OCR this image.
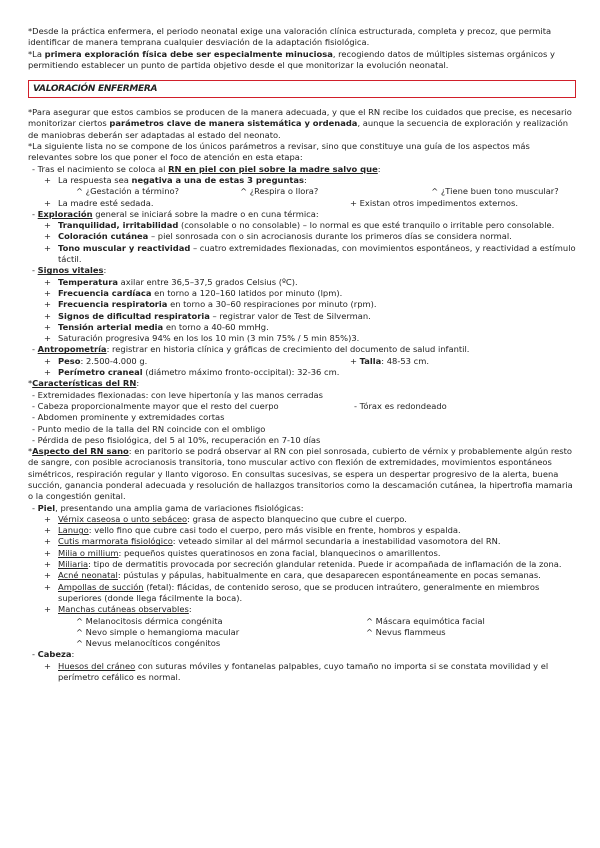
*Desde la práctica enfermera, el periodo neonatal exige una valoración clínica estructurada, completa y precoz, que permita identificar de manera temprana cualquier desviación de la adaptación fisiológica.

*La primera exploración física debe ser especialmente minuciosa, recogiendo datos de múltiples sistemas orgánicos y permitiendo establecer un punto de partida objetivo desde el que monitorizar la evolución neonatal.

VALORACIÓN ENFERMERA

*Para asegurar que estos cambios se producen de la manera adecuada, y que el RN recibe los cuidados que precise, es necesario monitorizar ciertos parámetros clave de manera sistemática y ordenada, aunque la secuencia de exploración y realización de maniobras deberán ser adaptadas al estado del neonato.

*La siguiente lista no se compone de los únicos parámetros a revisar, sino que constituye una guía de los aspectos más relevantes sobre los que poner el foco de atención en esta etapa:

- Tras el nacimiento se coloca al RN en piel con piel sobre la madre salvo que:

+ La respuesta sea negativa a una de estas 3 preguntas:

^ ¿Gestación a término?	^ ¿Respira o llora?	^ ¿Tiene buen tono muscular?
+ La madre esté sedada.	+ Existan otros impedimentos externos.

- Exploración general se iniciará sobre la madre o en cuna térmica:

+ Tranquilidad, irritabilidad (consolable o no consolable) – lo normal es que esté tranquilo o irritable pero consolable.

+ Coloración cutánea – piel sonrosada con o sin acrocianosis durante los primeros días se considera normal.

+ Tono muscular y reactividad – cuatro extremidades flexionadas, con movimientos espontáneos, y reactividad a estímulo táctil.

- Signos vitales:

+ Temperatura axilar entre 36,5–37,5 grados Celsius (ºC).

+ Frecuencia cardíaca en torno a 120–160 latidos por minuto (lpm).

+ Frecuencia respiratoria en torno a 30–60 respiraciones por minuto (rpm).

+ Signos de dificultad respiratoria – registrar valor de Test de Silverman.

+ Tensión arterial media en torno a 40-60 mmHg.

+ Saturación progresiva 94% en los los 10 min (3 min 75% / 5 min 85%)3.

- Antropometría: registrar en historia clínica y gráficas de crecimiento del documento de salud infantil.

+ Peso: 2.500-4.000 g.	+ Talla: 48-53 cm.

+ Perímetro craneal (diámetro máximo fronto-occipital): 32-36 cm.

*Características del RN:

- Extremidades flexionadas: con leve hipertonía y las manos cerradas

- Cabeza proporcionalmente mayor que el resto del cuerpo	- Tórax es redondeado

- Abdomen prominente y extremidades cortas

- Punto medio de la talla del RN coincide con el ombligo

- Pérdida de peso fisiológica, del 5 al 10%, recuperación en 7-10 días

*Aspecto del RN sano: en paritorio se podrá observar al RN con piel sonrosada, cubierto de vérnix y probablemente algún resto de sangre, con posible acrocianosis transitoria, tono muscular activo con flexión de extremidades, movimientos espontáneos simétricos, respiración regular y llanto vigoroso. En consultas sucesivas, se espera un despertar progresivo de la alerta, buena succión, ganancia ponderal adecuada y resolución de hallazgos transitorios como la descamación cutánea, la hipertrofia mamaria o la congestión genital.

- Piel, presentando una amplia gama de variaciones fisiológicas:

+ Vérnix caseosa o unto sebáceo: grasa de aspecto blanquecino que cubre el cuerpo.

+ Lanugo: vello fino que cubre casi todo el cuerpo, pero más visible en frente, hombros y espalda.

+ Cutis marmorata fisiológico: veteado similar al del mármol secundaria a inestabilidad vasomotora del RN.

+ Milia o millium: pequeños quistes queratinosos en zona facial, blanquecinos o amarillentos.

+ Miliaria: tipo de dermatitis provocada por secreción glandular retenida. Puede ir acompañada de inflamación de la zona.

+ Acné neonatal: pústulas y pápulas, habitualmente en cara, que desaparecen espontáneamente en pocas semanas.

+ Ampollas de succión (fetal): flácidas, de contenido seroso, que se producen intraútero, generalmente en miembros superiores (donde llega fácilmente la boca).

+ Manchas cutáneas observables:

^ Melanocitosis dérmica congénita	^ Máscara equimótica facial
^ Nevo simple o hemangioma macular	^ Nevus flammeus

^ Nevus melanocíticos congénitos

- Cabeza:

+ Huesos del cráneo con suturas móviles y fontanelas palpables, cuyo tamaño no importa si se constata movilidad y el perímetro cefálico es normal.
